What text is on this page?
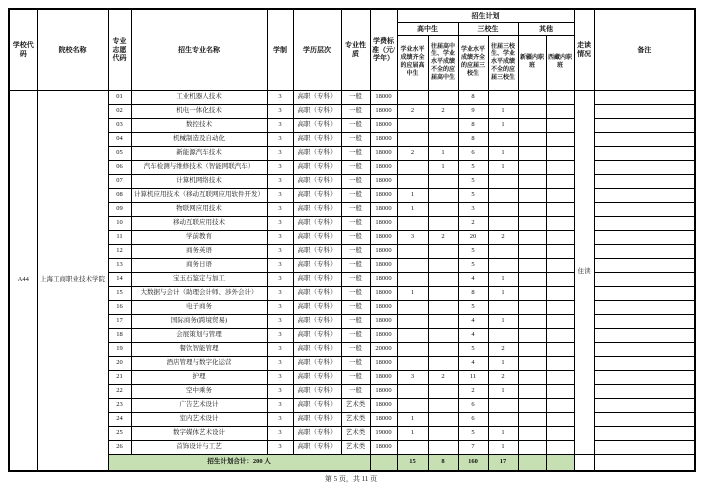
学校代码	院校名称	专业志愿代码	招生专业名称	学制	学历层次	专业性质	学费标准（元/学年）	招生计划						走读情况	备注
								高中生		三校生		其他			
								学业水平成绩齐全的应届高中生	往届高中生、学业水平成绩不全的应届高中生	学业水平成绩齐全的应届三校生	往届三校生、学业水平成绩不全的应届三校生	新疆内职班	西藏内职班		
A44	上海工商职业技术学院	01	工业机器人技术	3	高职（专科）	一般	18000			8				住读	
		02	机电一体化技术	3	高职（专科）	一般	18000	2	2	9	1				
		03	数控技术	3	高职（专科）	一般	18000			8	1				
		04	机械制造及自动化	3	高职（专科）	一般	18000			8					
		05	新能源汽车技术	3	高职（专科）	一般	18000	2	1	6	1				
		06	汽车检测与维修技术（智能网联汽车）	3	高职（专科）	一般	18000		1	5	1				
		07	计算机网络技术	3	高职（专科）	一般	18000			5					
		08	计算机应用技术（移动互联网应用软件开发）	3	高职（专科）	一般	18000	1		5					
		09	物联网应用技术	3	高职（专科）	一般	18000	1		3					
		10	移动互联应用技术	3	高职（专科）	一般	18000			2					
		11	学前教育	3	高职（专科）	一般	18000	3	2	20	2				
		12	商务英语	3	高职（专科）	一般	18000			5					
		13	商务日语	3	高职（专科）	一般	18000			5					
		14	宝玉石鉴定与加工	3	高职（专科）	一般	18000			4	1				
		15	大数据与会计（助理会计师、涉外会计）	3	高职（专科）	一般	18000	1		8	1				
		16	电子商务	3	高职（专科）	一般	18000			5					
		17	国际商务(跨境贸易)	3	高职（专科）	一般	18000			4	1				
		18	会展策划与管理	3	高职（专科）	一般	18000			4					
		19	餐饮智能管理	3	高职（专科）	一般	20000			5	2				
		20	酒店管理与数字化运营	3	高职（专科）	一般	18000			4	1				
		21	护理	3	高职（专科）	一般	18000	3	2	11	2				
		22	空中乘务	3	高职（专科）	一般	18000			2	1				
		23	广告艺术设计	3	高职（专科）	艺术类	18000			6					
		24	室内艺术设计	3	高职（专科）	艺术类	18000	1		6					
		25	数字媒体艺术设计	3	高职（专科）	艺术类	19000	1		5	1				
		26	首饰设计与工艺	3	高职（专科）	艺术类	18000			7	1				
		招生计划合计：200 人						15	8	160	17				
第 5 页，共 11 页
